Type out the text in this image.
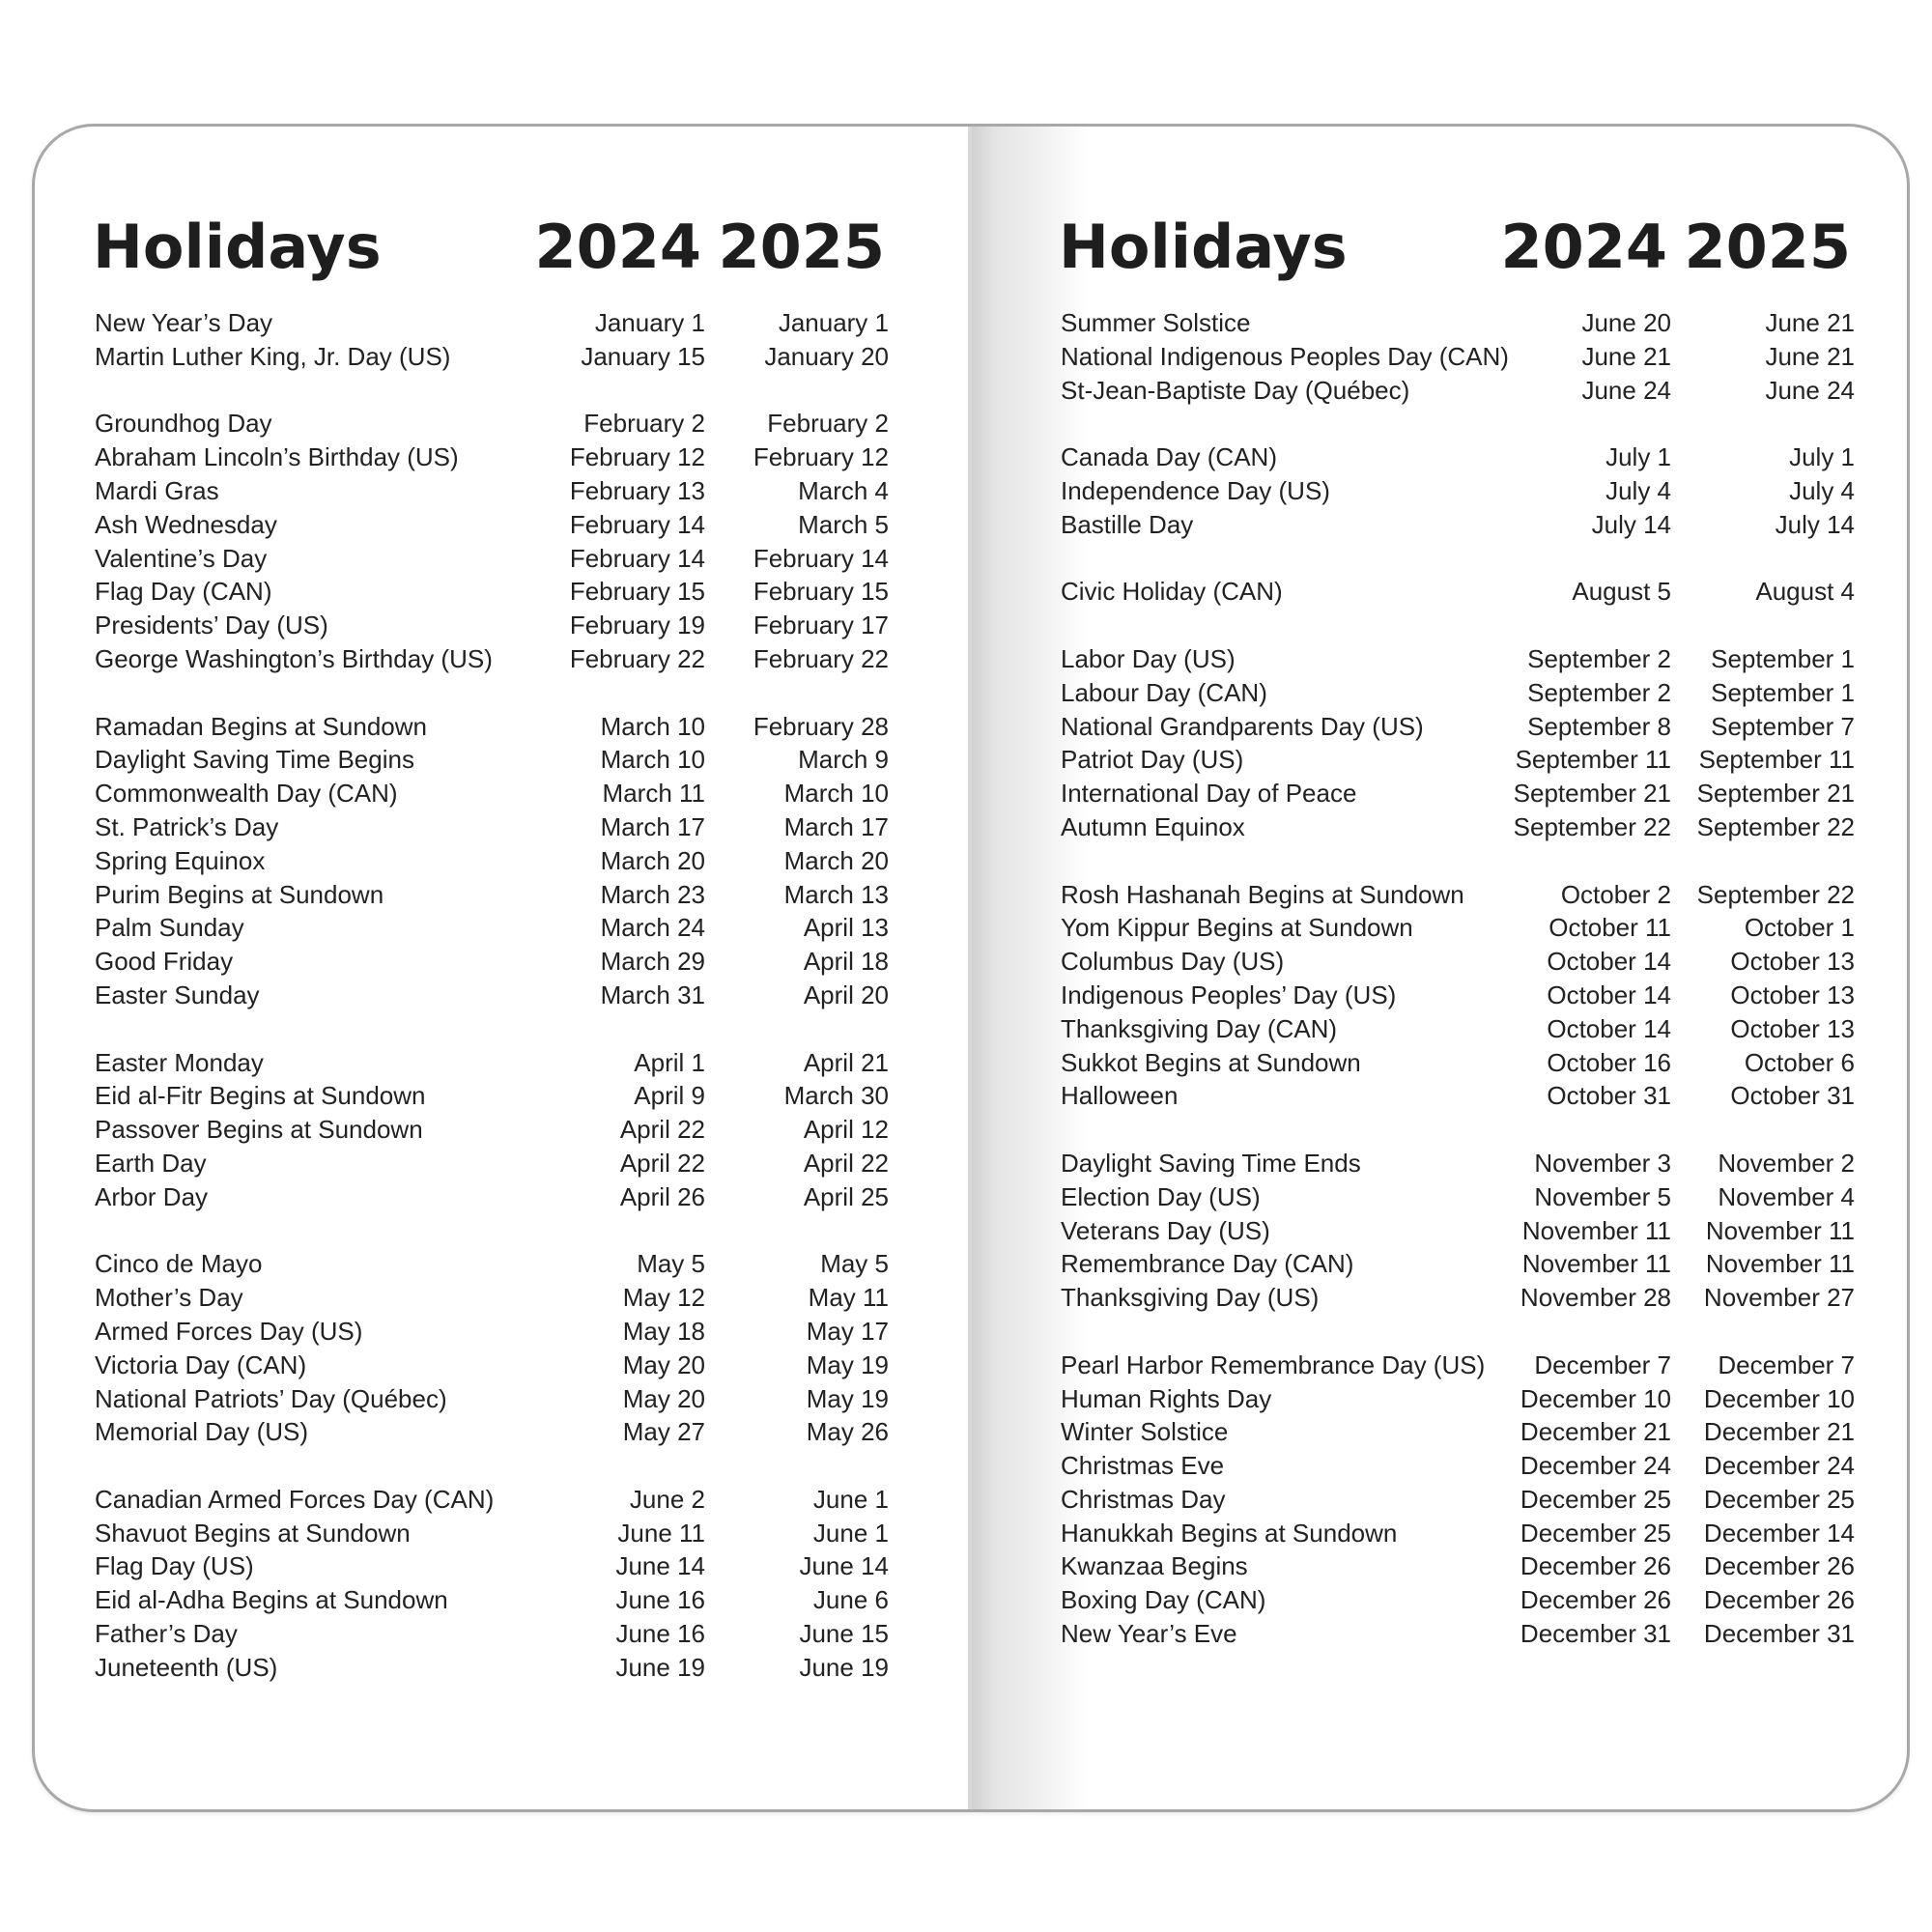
Holidays	2024 2025
New Year’s Day	January 1	January 1
Martin Luther King, Jr. Day (US)	January 15 January 20
Groundhog Day	February 2 February 2
Abraham Lincoln’s Birthday (US)	February 12 February 12
Mardi Gras	February 13	March 4
Ash Wednesday	February 14	March 5
Valentine’s Day	February 14 February 14
Flag Day (CAN)	February 15 February 15
Presidents’ Day (US)	February 19 February 17
George Washington’s Birthday (US)	February 22 February 22
Ramadan Begins at Sundown	March 10 February 28
Daylight Saving Time Begins	March 10	March 9
Commonwealth Day (CAN)	March 11	March 10
St. Patrick’s Day	March 17	March 17
Spring Equinox	March 20	March 20
Purim Begins at Sundown	March 23	March 13
Palm Sunday	March 24	April 13
Good Friday	March 29	April 18
Easter Sunday	March 31	April 20
Easter Monday	April 1	April 21
Eid al-Fitr Begins at Sundown	April 9	March 30
Passover Begins at Sundown	April 22	April 12
Earth Day	April 22	April 22
Arbor Day	April 26	April 25
Cinco de Mayo	May 5	May 5
Mother’s Day	May 12	May 11
Armed Forces Day (US)	May 18	May 17
Victoria Day (CAN)	May 20	May 19
National Patriots’ Day (Québec)	May 20	May 19
Memorial Day (US)	May 27	May 26
Canadian Armed Forces Day (CAN)	June 2	June 1
Shavuot Begins at Sundown	June 11	June 1
Flag Day (US)	June 14	June 14
Eid al-Adha Begins at Sundown	June 16	June 6
Father’s Day	June 16	June 15
Juneteenth (US)	June 19	June 19
Holidays	2024 2025
Summer Solstice	June 20	June 21
National Indigenous Peoples Day (CAN)	June 21	June 21
St-Jean-Baptiste Day (Québec)	June 24	June 24
Canada Day (CAN)	July 1	July 1
Independence Day (US)	July 4	July 4
Bastille Day	July 14	July 14
Civic Holiday (CAN)	August 5	August 4
Labor Day (US)	September 2 September 1
Labour Day (CAN)	September 2 September 1
National Grandparents Day (US)	September 8 September 7
Patriot Day (US)	September 11 September 11
International Day of Peace	September 21 September 21
Autumn Equinox	September 22 September 22
Rosh Hashanah Begins at Sundown	October 2 September 22
Yom Kippur Begins at Sundown	October 11	October 1
Columbus Day (US)	October 14 October 13
Indigenous Peoples’ Day (US)	October 14 October 13
Thanksgiving Day (CAN)	October 14 October 13
Sukkot Begins at Sundown	October 16	October 6
Halloween	October 31 October 31
Daylight Saving Time Ends	November 3 November 2
Election Day (US)	November 5 November 4
Veterans Day (US)	November 11 November 11
Remembrance Day (CAN)	November 11 November 11
Thanksgiving Day (US)	November 28 November 27
Pearl Harbor Remembrance Day (US) December 7 December 7
Human Rights Day	December 10 December 10
Winter Solstice	December 21 December 21
Christmas Eve	December 24 December 24
Christmas Day	December 25 December 25
Hanukkah Begins at Sundown	December 25 December 14
Kwanzaa Begins	December 26 December 26
Boxing Day (CAN)	December 26 December 26
New Year’s Eve	December 31 December 31
